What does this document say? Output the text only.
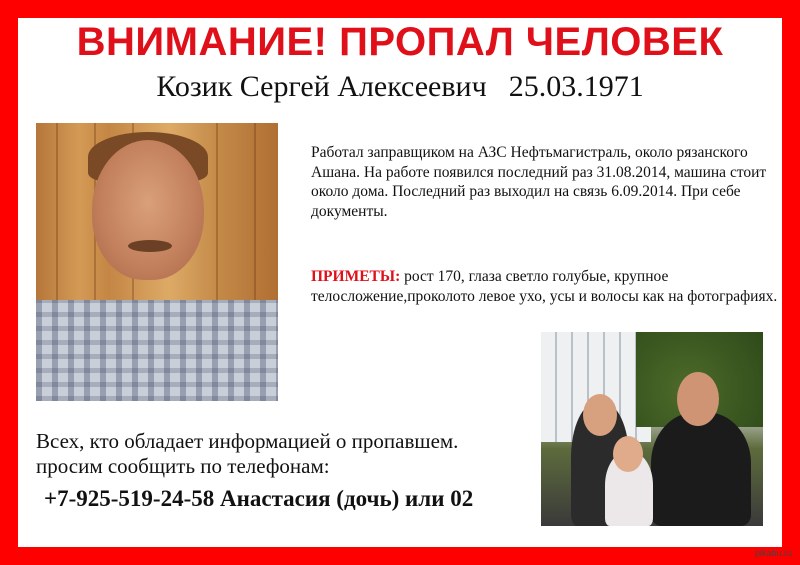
ВНИМАНИЕ! ПРОПАЛ ЧЕЛОВЕК
Козик Сергей Алексеевич 25.03.1971
Работал заправщиком на АЗС Нефтьмагистраль, около рязанского Ашана. На работе появился последний раз 31.08.2014, машина стоит около дома. Последний раз выходил на связь 6.09.2014. При себе документы.
ПРИМЕТЫ: рост 170, глаза светло голубые, крупное телосложение,проколото левое ухо, усы и волосы как на фотографиях.
Всех, кто обладает информацией о пропавшем.
просим сообщить по телефонам:
+7-925-519-24-58 Анастасия (дочь) или 02
pikabu.ru
